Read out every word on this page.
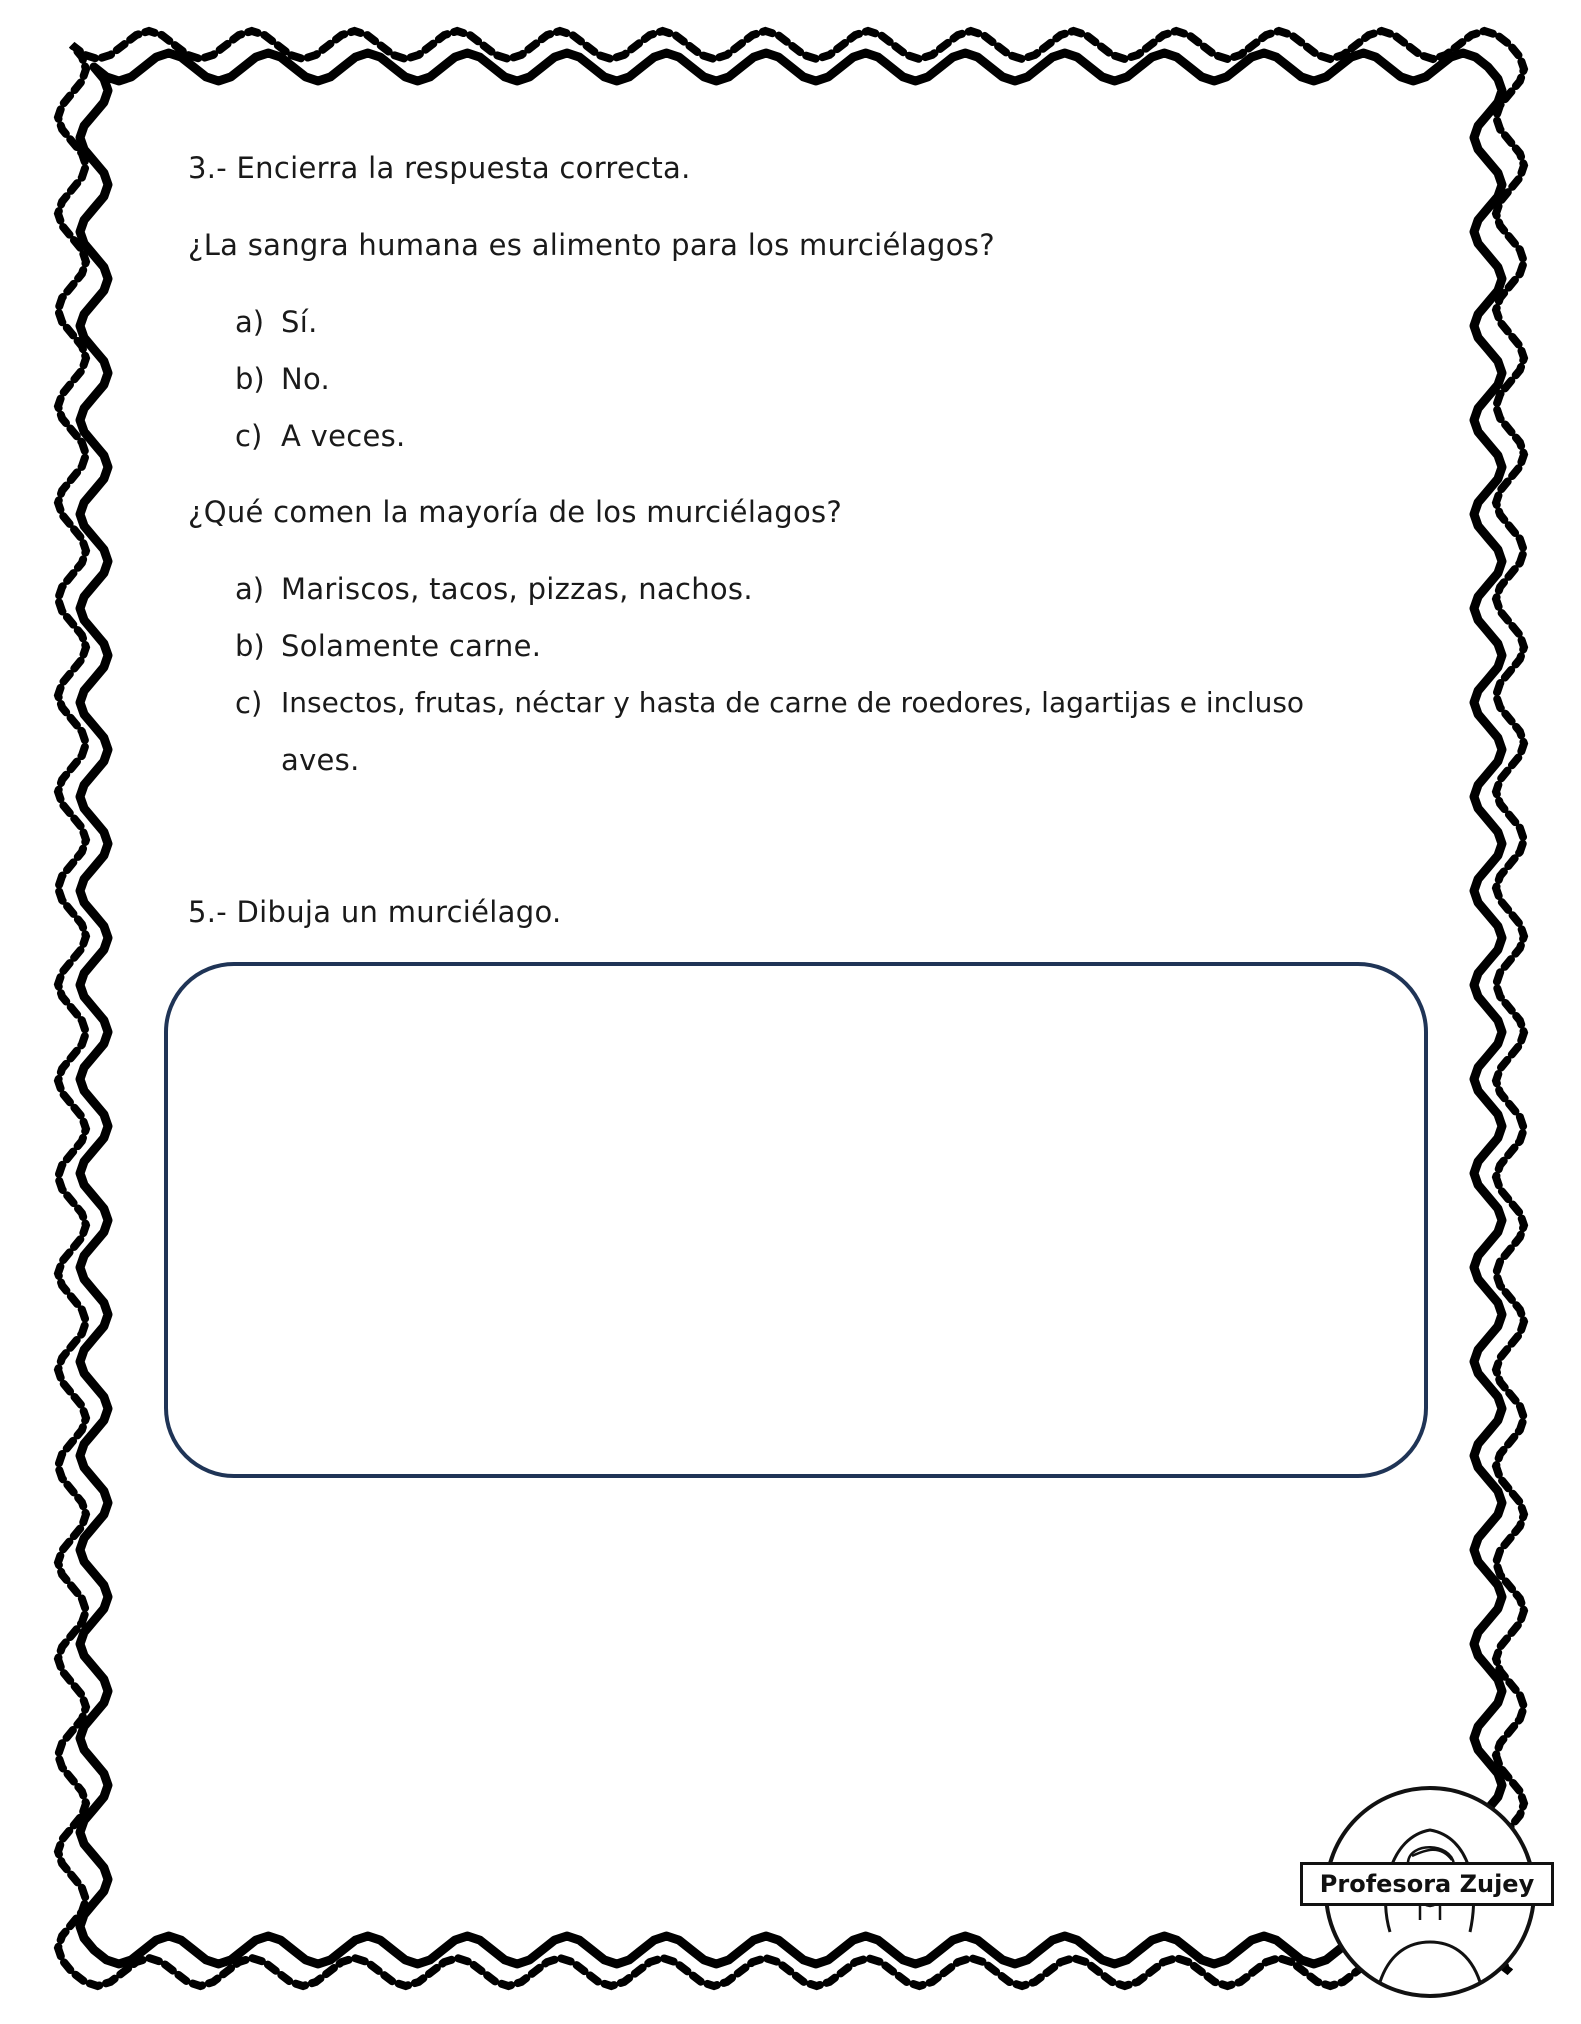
3.- Encierra la respuesta correcta.
¿La sangra humana es alimento para los murciélagos?
a) Sí.
b) No.
c) A veces.
¿Qué comen la mayoría de los murciélagos?
a) Mariscos, tacos, pizzas, nachos.
b) Solamente carne.
c) Insectos, frutas, néctar y hasta de carne de roedores, lagartijas e incluso
aves.
5.- Dibuja un murciélago.
Profesora Zujey
